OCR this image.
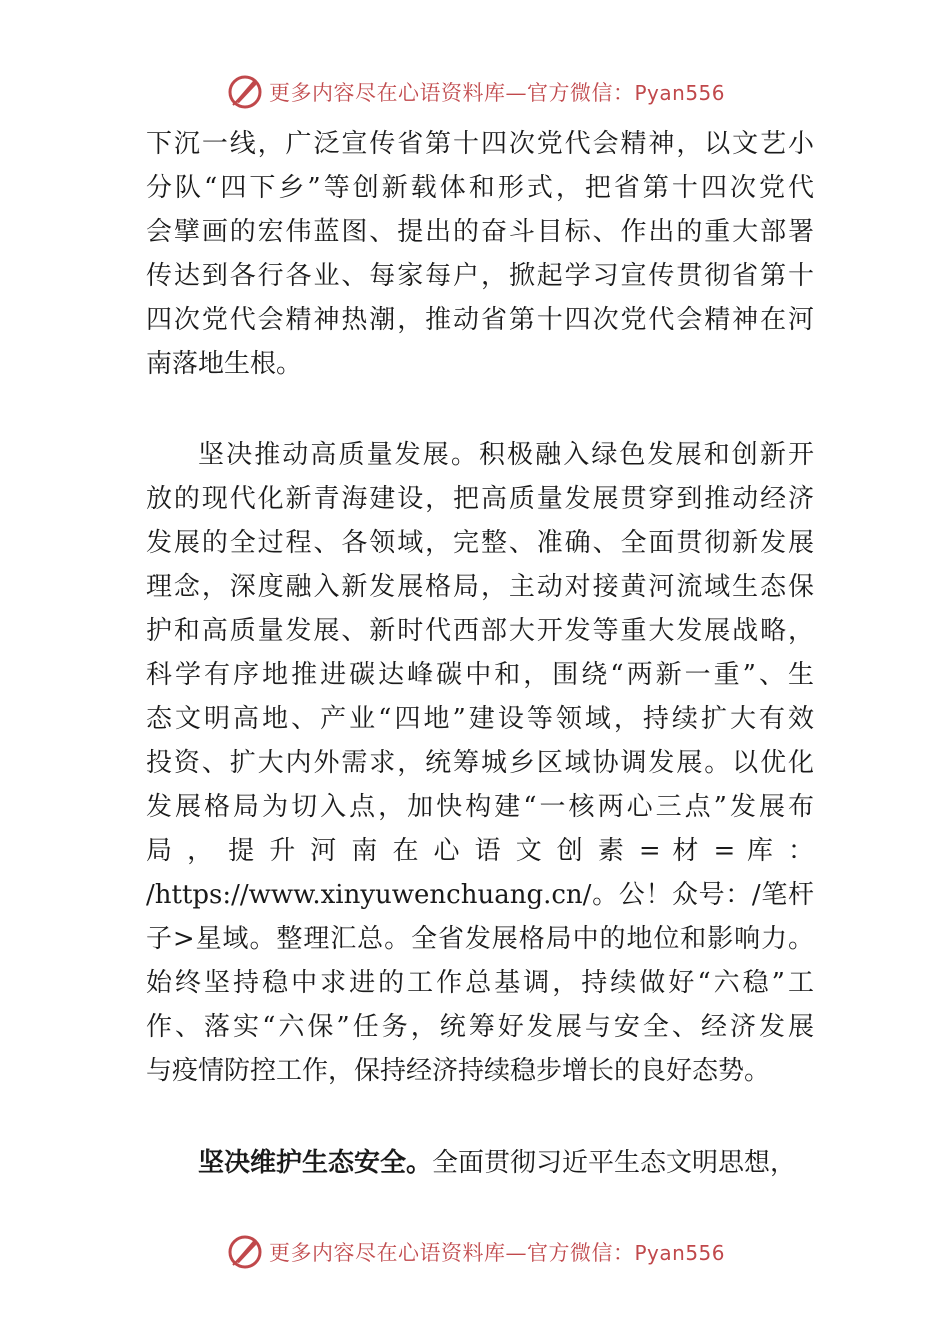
更多内容尽在心语资料库—官方微信：Pyan556
下沉一线，广泛宣传省第十四次党代会精神，以文艺小
分队“四下乡”等创新载体和形式，把省第十四次党代
会擘画的宏伟蓝图、提出的奋斗目标、作出的重大部署
传达到各行各业、每家每户，掀起学习宣传贯彻省第十
四次党代会精神热潮，推动省第十四次党代会精神在河
南落地生根。
坚决推动高质量发展。积极融入绿色发展和创新开
放的现代化新青海建设，把高质量发展贯穿到推动经济
发展的全过程、各领域，完整、准确、全面贯彻新发展
理念，深度融入新发展格局，主动对接黄河流域生态保
护和高质量发展、新时代西部大开发等重大发展战略，
科学有序地推进碳达峰碳中和，围绕“两新一重”、生
态文明高地、产业“四地”建设等领域，持续扩大有效
投资、扩大内外需求，统筹城乡区域协调发展。以优化
发展格局为切入点，加快构建“一核两心三点”发展布
局 ， 提 升 河 南 在 心 语 文 创 素 = 材 = 库 ：
/https://www.xinyuwenchuang.cn/。公！众号：/笔杆
子>星域。整理汇总。全省发展格局中的地位和影响力。
始终坚持稳中求进的工作总基调，持续做好“六稳”工
作、落实“六保”任务，统筹好发展与安全、经济发展
与疫情防控工作，保持经济持续稳步增长的良好态势。
坚决维护生态安全。全面贯彻习近平生态文明思想，
更多内容尽在心语资料库—官方微信：Pyan556
